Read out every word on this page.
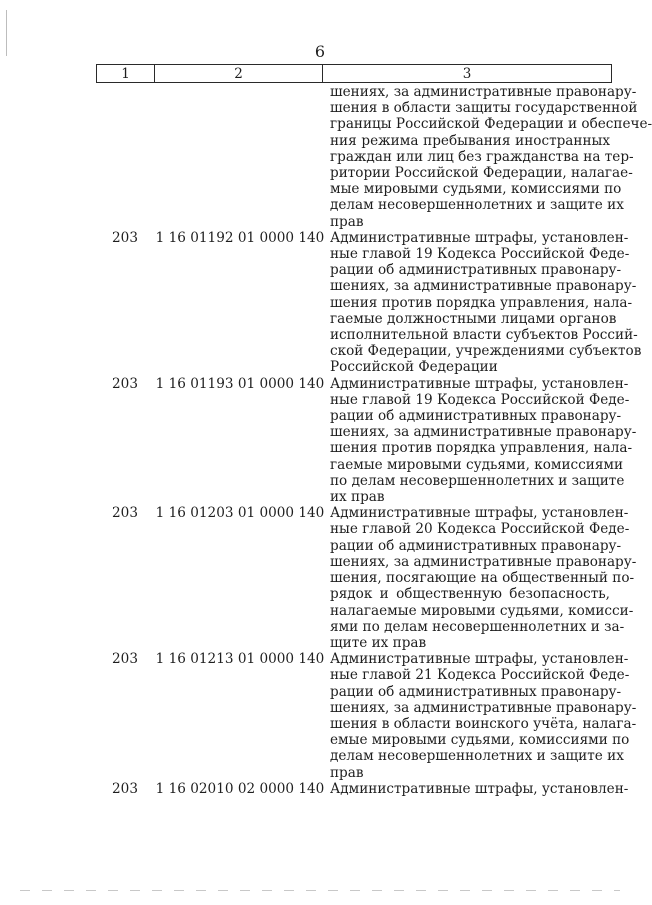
6
1	2	3
шениях, за административные правонару-
шения в области защиты государственной
границы Российской Федерации и обеспече-
ния режима пребывания иностранных
граждан или лиц без гражданства на тер-
ритории Российской Федерации, налагае-
мые мировыми судьями, комиссиями по
делам несовершеннолетних и защите их
прав
203	1 16 01192 01 0000 140 Административные штрафы, установлен-
ные главой 19 Кодекса Российской Феде-
рации об административных правонару-
шениях, за административные правонару-
шения против порядка управления, нала-
гаемые должностными лицами органов
исполнительной власти субъектов Россий-
ской Федерации, учреждениями субъектов
Российской Федерации
203	1 16 01193 01 0000 140 Административные штрафы, установлен-
ные главой 19 Кодекса Российской Феде-
рации об административных правонару-
шениях, за административные правонару-
шения против порядка управления, нала-
гаемые мировыми судьями, комиссиями
по делам несовершеннолетних и защите
их прав
203	1 16 01203 01 0000 140 Административные штрафы, установлен-
ные главой 20 Кодекса Российской Феде-
рации об административных правонару-
шениях, за административные правонару-
шения, посягающие на общественный по-
рядок и общественную безопасность,
налагаемые мировыми судьями, комисси-
ями по делам несовершеннолетних и за-
щите их прав
203	1 16 01213 01 0000 140 Административные штрафы, установлен-
ные главой 21 Кодекса Российской Феде-
рации об административных правонару-
шениях, за административные правонару-
шения в области воинского учёта, налага-
емые мировыми судьями, комиссиями по
делам несовершеннолетних и защите их
прав
203	1 16 02010 02 0000 140 Административные штрафы, установлен-
